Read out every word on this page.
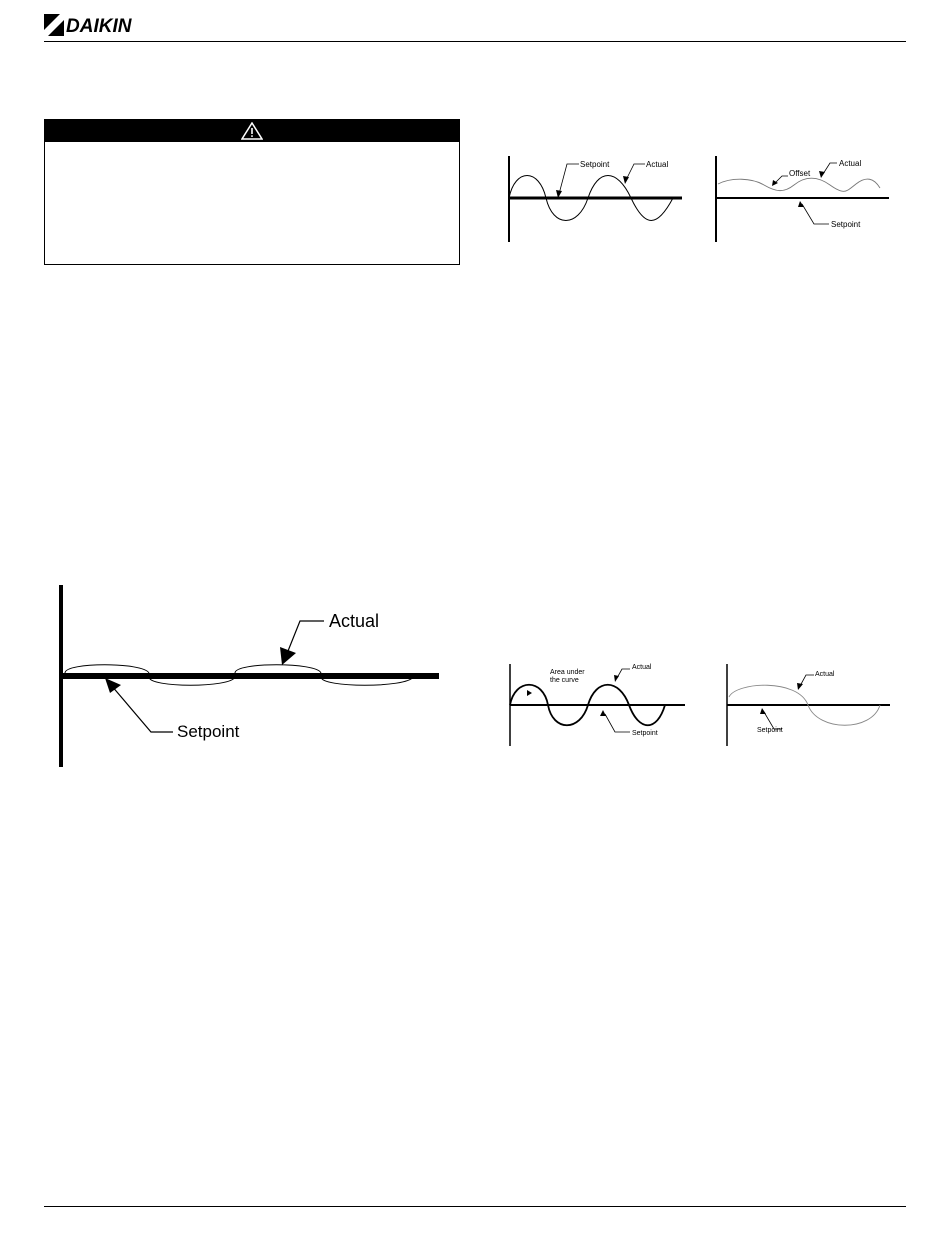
DAIKIN
Setpoint	Actual
Offset
Actual
Setpoint
Actual
Setpoint
Area under
the curve
Actual
Setpoint
Actual
Setpoint
